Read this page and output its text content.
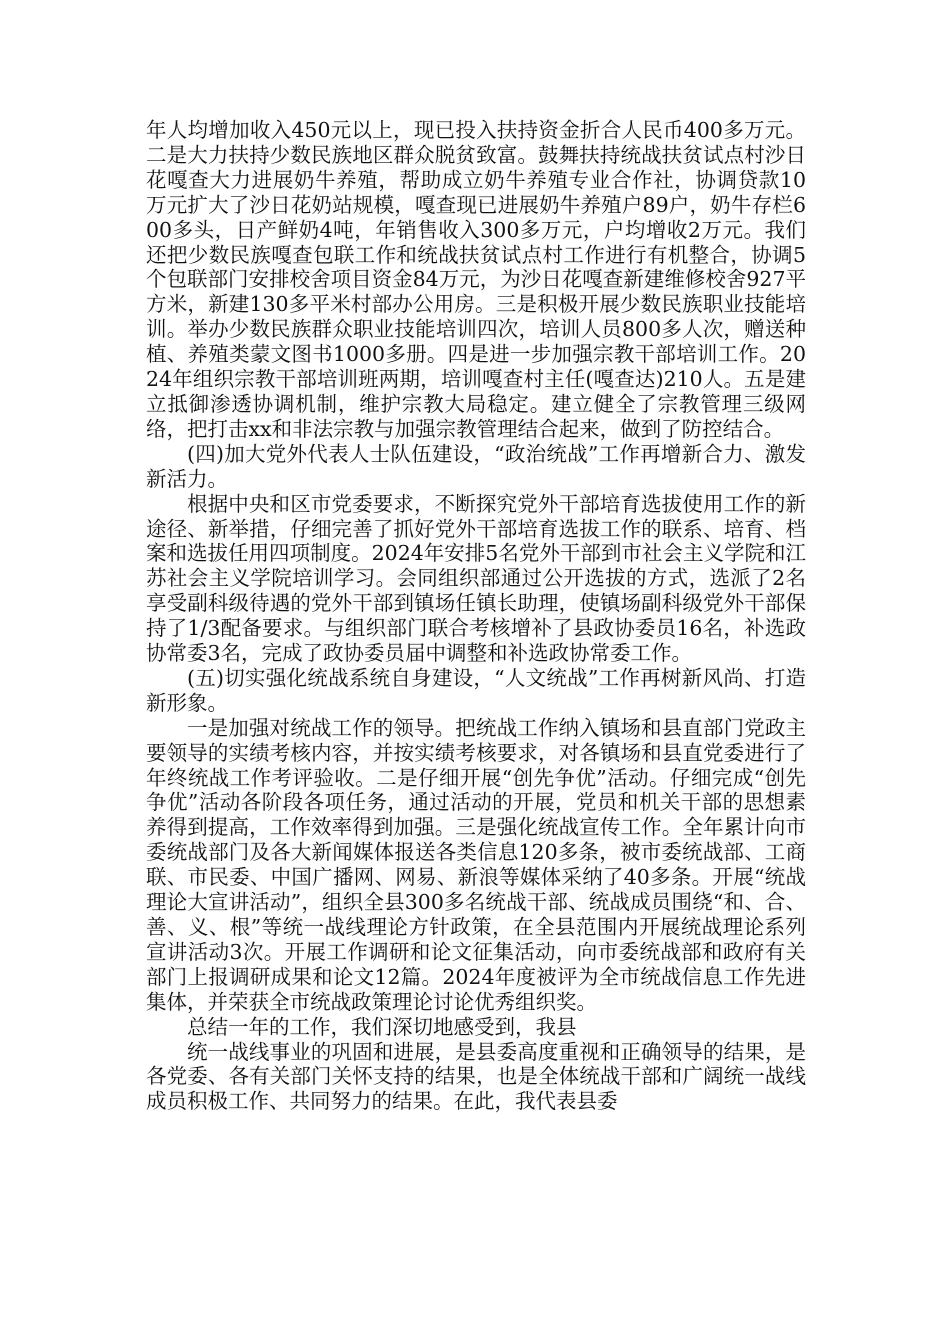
年人均增加收入450元以上，现已投入扶持资金折合人民币400多万元。二是大力扶持少数民族地区群众脱贫致富。鼓舞扶持统战扶贫试点村沙日花嘎查大力进展奶牛养殖，帮助成立奶牛养殖专业合作社，协调贷款10万元扩大了沙日花奶站规模，嘎查现已进展奶牛养殖户89户，奶牛存栏600多头，日产鲜奶4吨，年销售收入300多万元，户均增收2万元。我们还把少数民族嘎查包联工作和统战扶贫试点村工作进行有机整合，协调5个包联部门安排校舍项目资金84万元，为沙日花嘎查新建维修校舍927平方米，新建130多平米村部办公用房。三是积极开展少数民族职业技能培训。举办少数民族群众职业技能培训四次，培训人员800多人次，赠送种植、养殖类蒙文图书1000多册。四是进一步加强宗教干部培训工作。2024年组织宗教干部培训班两期，培训嘎查村主任(嘎查达)210人。五是建立抵御渗透协调机制，维护宗教大局稳定。建立健全了宗教管理三级网络，把打击xx和非法宗教与加强宗教管理结合起来，做到了防控结合。

(四)加大党外代表人士队伍建设，“政治统战”工作再增新合力、激发新活力。

根据中央和区市党委要求，不断探究党外干部培育选拔使用工作的新途径、新举措，仔细完善了抓好党外干部培育选拔工作的联系、培育、档案和选拔任用四项制度。2024年安排5名党外干部到市社会主义学院和江苏社会主义学院培训学习。会同组织部通过公开选拔的方式，选派了2名享受副科级待遇的党外干部到镇场任镇长助理，使镇场副科级党外干部保持了1/3配备要求。与组织部门联合考核增补了县政协委员16名，补选政协常委3名，完成了政协委员届中调整和补选政协常委工作。

(五)切实强化统战系统自身建设，“人文统战”工作再树新风尚、打造新形象。

一是加强对统战工作的领导。把统战工作纳入镇场和县直部门党政主要领导的实绩考核内容，并按实绩考核要求，对各镇场和县直党委进行了年终统战工作考评验收。二是仔细开展“创先争优”活动。仔细完成“创先争优”活动各阶段各项任务，通过活动的开展，党员和机关干部的思想素养得到提高，工作效率得到加强。三是强化统战宣传工作。全年累计向市委统战部门及各大新闻媒体报送各类信息120多条，被市委统战部、工商联、市民委、中国广播网、网易、新浪等媒体采纳了40多条。开展“统战理论大宣讲活动”，组织全县300多名统战干部、统战成员围绕“和、合、善、义、根”等统一战线理论方针政策，在全县范围内开展统战理论系列宣讲活动3次。开展工作调研和论文征集活动，向市委统战部和政府有关部门上报调研成果和论文12篇。2024年度被评为全市统战信息工作先进集体，并荣获全市统战政策理论讨论优秀组织奖。

总结一年的工作，我们深切地感受到，我县

统一战线事业的巩固和进展，是县委高度重视和正确领导的结果，是各党委、各有关部门关怀支持的结果，也是全体统战干部和广阔统一战线成员积极工作、共同努力的结果。在此，我代表县委
